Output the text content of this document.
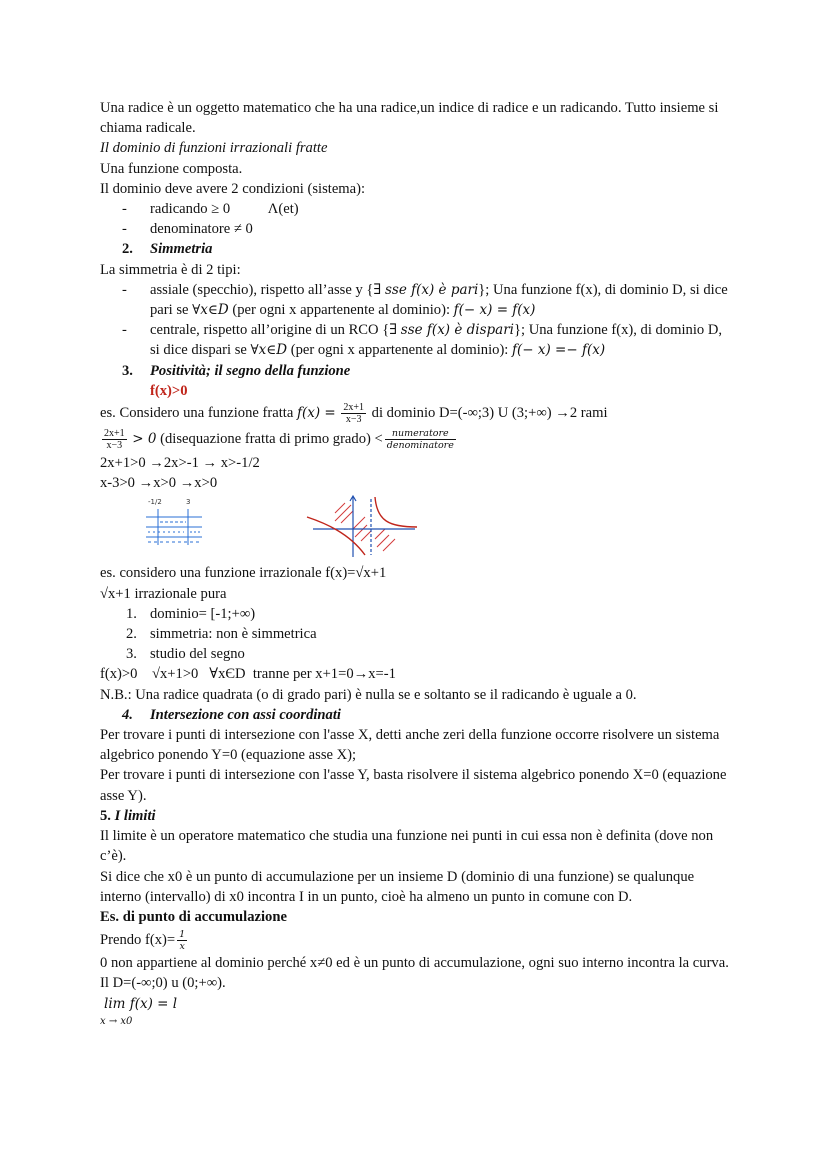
Una radice è un oggetto matematico che ha una radice,un indice di radice e un radicando. Tutto insieme si chiama radicale.
Il dominio di funzioni irrazionali fratte
Una funzione composta.
Il dominio deve avere 2 condizioni (sistema):
- radicando ≥ 0	Λ(et)
- denominatore ≠ 0
2. Simmetria
La simmetria è di 2 tipi:
- assiale (specchio), rispetto all’asse y {∃ sse f(x) è pari}; Una funzione f(x), di dominio D, si dice pari se ∀x∈D (per ogni x appartenente al dominio): f(− x) = f(x)
- centrale, rispetto all’origine di un RCO {∃ sse f(x) è dispari}; Una funzione f(x), di dominio D, si dice dispari se ∀x∈D (per ogni x appartenente al dominio): f(− x) =− f(x)
3. Positività; il segno della funzione
f(x)>0
es. Considero una funzione fratta $f(x) = \frac{2x+1}{x-3}$ di dominio D=(-∞;3) U (3;+∞) →2 rami
$\frac{2x+1}{x-3} > 0$ (disequazione fratta di primo grado) < $\frac{\text{numeratore}}{\text{denominatore}}$
2x+1>0 →2x>-1 → x>-1/2
x-3>0 →x>0 →x>0
-1/2	3
es. considero una funzione irrazionale f(x)=√x+1
√x+1 irrazionale pura
1. dominio= [-1;+∞)
2. simmetria: non è simmetrica
3. studio del segno
f(x)>0    √x+1>0   ∀xЄD  tranne per x+1=0→x=-1
N.B.: Una radice quadrata (o di grado pari) è nulla se e soltanto se il radicando è uguale a 0.
4. Intersezione con assi coordinati
Per trovare i punti di intersezione con l'asse X, detti anche zeri della funzione occorre risolvere un sistema algebrico ponendo Y=0 (equazione asse X);
Per trovare i punti di intersezione con l'asse Y, basta risolvere il sistema algebrico ponendo X=0 (equazione asse Y).
5. I limiti
Il limite è un operatore matematico che studia una funzione nei punti in cui essa non è definita (dove non c’è).
Si dice che x0 è un punto di accumulazione per un insieme D (dominio di una funzione) se qualunque interno (intervallo) di x0 incontra I in un punto, cioè ha almeno un punto in comune con D.
Es. di punto di accumulazione
Prendo $f(x)= \frac{1}{x}$
0 non appartiene al dominio perché x≠0 ed è un punto di accumulazione, ogni suo interno incontra la curva. Il D=(-∞;0) u (0;+∞).
lim f(x) = l
x → x0
